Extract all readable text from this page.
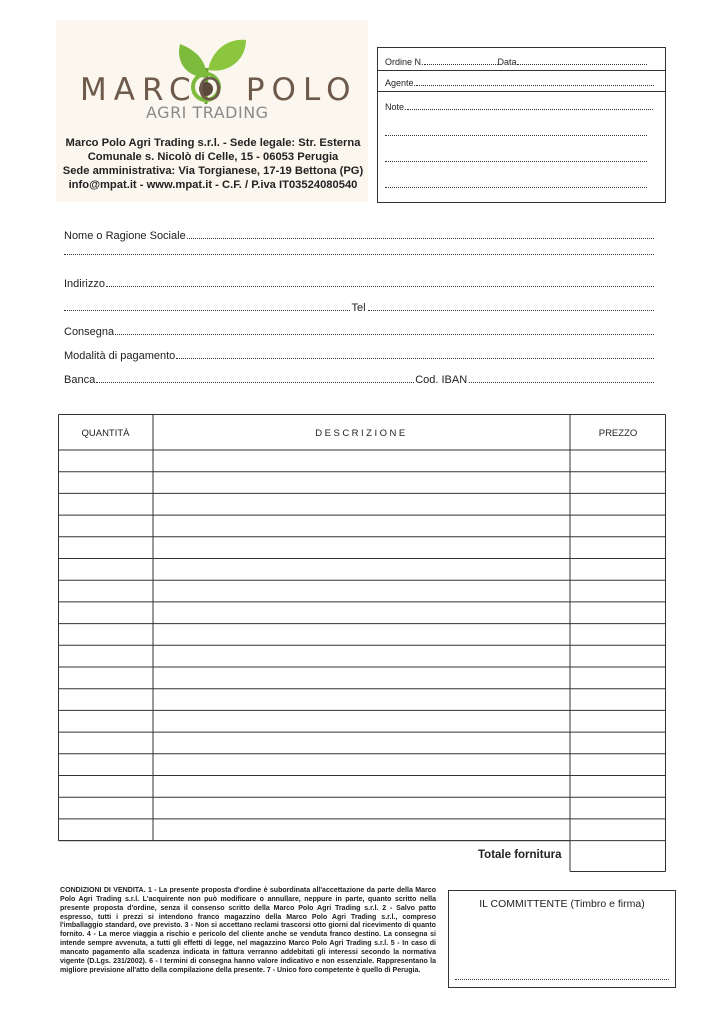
MARCO POLO
AGRI TRADING
Marco Polo Agri Trading s.r.l. - Sede legale: Str. Esterna
Comunale s. Nicolò di Celle, 15 - 06053 Perugia
Sede amministrativa: Via Torgianese, 17-19 Bettona (PG)
info@mpat.it - www.mpat.it - C.F. / P.iva IT03524080540
Ordine N.	Data
Agente.
Note.
Nome o Ragione Sociale
Indirizzo
Tel
Consegna
Modalità di pagamento
Banca	Cod. IBAN
QUANTITÀ	DESCRIZIONE	PREZZO
Totale fornitura
CONDIZIONI DI VENDITA. 1 - La presente proposta d'ordine è subordinata all'accettazione da parte della Marco Polo Agri Trading s.r.l. L'acquirente non può modificare o annullare, neppure in parte, quanto scritto nella presente proposta d'ordine, senza il consenso scritto della Marco Polo Agri Trading s.r.l. 2 - Salvo patto espresso, tutti i prezzi si intendono franco magazzino della Marco Polo Agri Trading s.r.l., compreso l'imballaggio standard, ove previsto. 3 - Non si accettano reclami trascorsi otto giorni dal ricevimento di quanto fornito. 4 - La merce viaggia a rischio e pericolo del cliente anche se venduta franco destino. La consegna si intende sempre avvenuta, a tutti gli effetti di legge, nel magazzino Marco Polo Agri Trading s.r.l. 5 - In caso di mancato pagamento alla scadenza indicata in fattura verranno addebitati gli interessi secondo la normativa vigente (D.Lgs. 231/2002). 6 - I termini di consegna hanno valore indicativo e non essenziale. Rappresentano la migliore previsione all'atto della compilazione della presente. 7 - Unico foro competente è quello di Perugia.
IL COMMITTENTE (Timbro e firma)
